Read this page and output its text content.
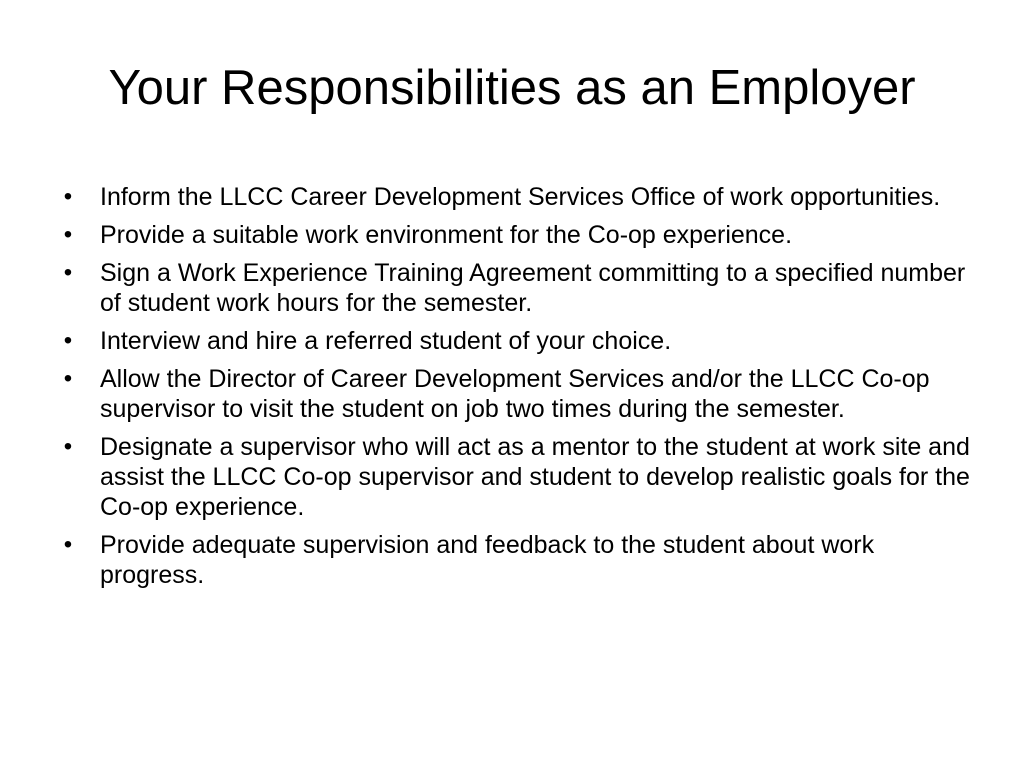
Your Responsibilities as an Employer
• Inform the LLCC Career Development Services Office of work opportunities.
• Provide a suitable work environment for the Co-op experience.
• Sign a Work Experience Training Agreement committing to a specified number of student work hours for the semester.
• Interview and hire a referred student of your choice.
• Allow the Director of Career Development Services and/or the LLCC Co-op supervisor to visit the student on job two times during the semester.
• Designate a supervisor who will act as a mentor to the student at work site and assist the LLCC Co-op supervisor and student to develop realistic goals for the Co-op experience.
• Provide adequate supervision and feedback to the student about work progress.
